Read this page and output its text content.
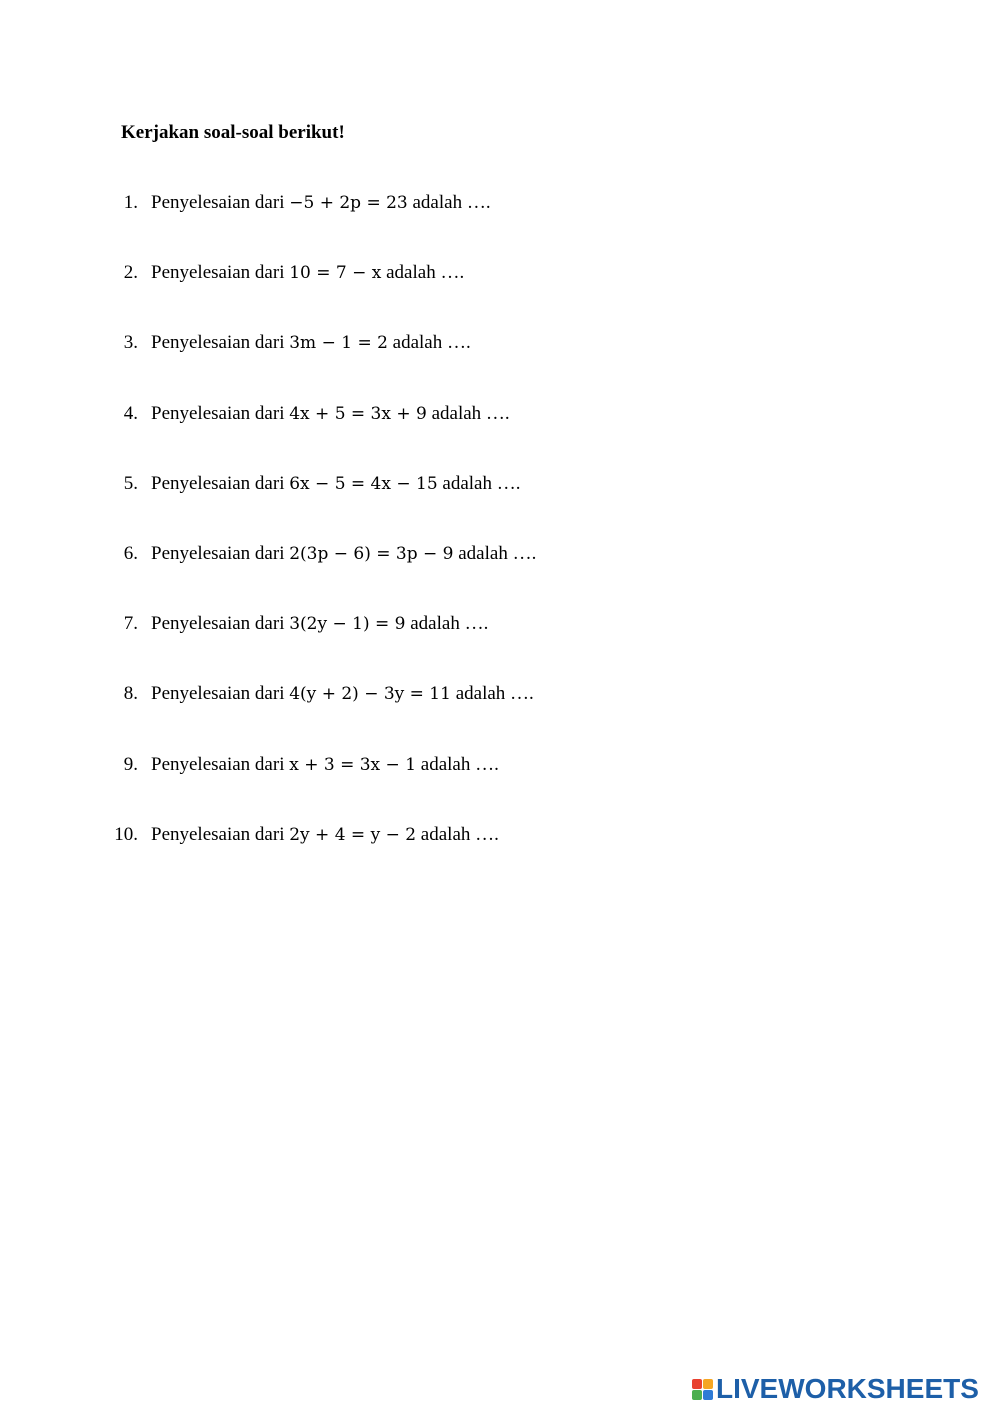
Kerjakan soal-soal berikut!
1. Penyelesaian dari −5 + 2p = 23 adalah ….
2. Penyelesaian dari 10 = 7 − x adalah ….
3. Penyelesaian dari 3m − 1 = 2 adalah ….
4. Penyelesaian dari 4x + 5 = 3x + 9 adalah ….
5. Penyelesaian dari 6x − 5 = 4x − 15 adalah ….
6. Penyelesaian dari 2(3p − 6) = 3p − 9 adalah ….
7. Penyelesaian dari 3(2y − 1) = 9 adalah ….
8. Penyelesaian dari 4(y + 2) − 3y = 11 adalah ….
9. Penyelesaian dari x + 3 = 3x − 1 adalah ….
10. Penyelesaian dari 2y + 4 = y − 2 adalah ….
LIVEWORKSHEETS
